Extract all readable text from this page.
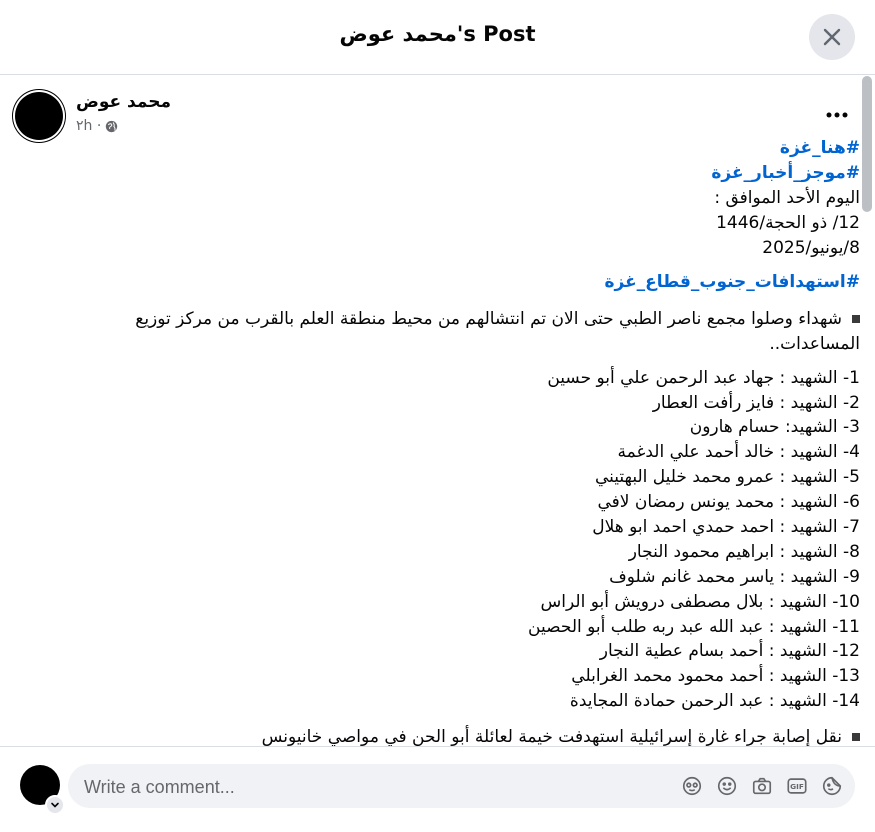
محمد عوض's Post
محمد عوض
٢h ·
#هنا_غزة
#موجز_أخبار_غزة
اليوم الأحد الموافق :
12/ ذو الحجة/1446
8/يونيو/2025
#استهدافات_جنوب_قطاع_غزة
شهداء وصلوا مجمع ناصر الطبي حتى الان تم انتشالهم من محيط منطقة العلم بالقرب من مركز توزيع المساعدات..
1- الشهيد : جهاد عبد الرحمن علي أبو حسين
2- الشهيد : فايز رأفت العطار
3- الشهيد: حسام هارون
4- الشهيد : خالد أحمد علي الدغمة
5- الشهيد : عمرو محمد خليل البهتيني
6- الشهيد : محمد يونس رمضان لافي
7- الشهيد : احمد حمدي احمد ابو هلال
8- الشهيد : ابراهيم محمود النجار
9- الشهيد : ياسر محمد غانم شلوف
10- الشهيد : بلال مصطفى درويش أبو الراس
11- الشهيد : عبد الله عبد ربه طلب أبو الحصين
12- الشهيد : أحمد بسام عطية النجار
13- الشهيد : أحمد محمود محمد الغرابلي
14- الشهيد : عبد الرحمن حمادة المجايدة
نقل إصابة جراء غارة إسرائيلية استهدفت خيمة لعائلة أبو الحن في مواصي خانيونس
Write a comment...
GIF
